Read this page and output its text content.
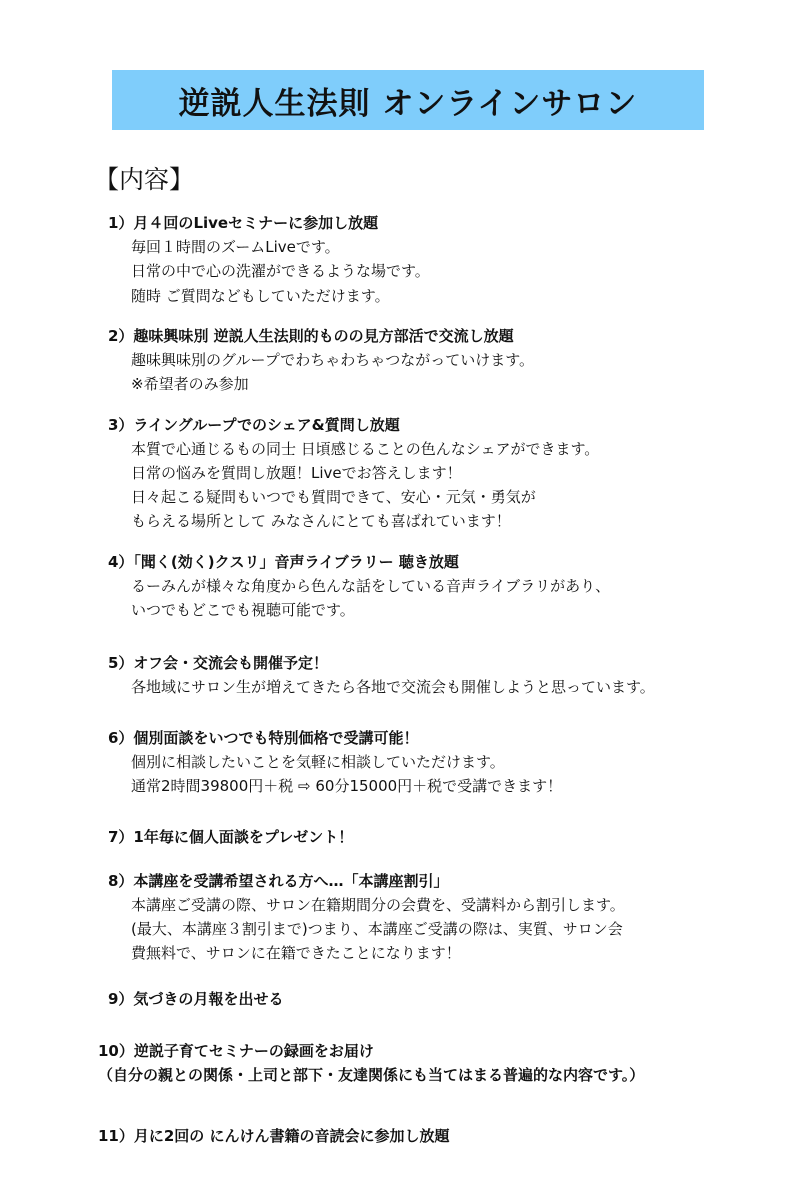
逆説人生法則 オンラインサロン
【内容】
1）月４回のLiveセミナーに参加し放題
毎回１時間のズームLiveです。
日常の中で心の洗濯ができるような場です。
随時 ご質問などもしていただけます。
2）趣味興味別 逆説人生法則的ものの見方部活で交流し放題
趣味興味別のグループでわちゃわちゃつながっていけます。
※希望者のみ参加
3）ライングループでのシェア&質問し放題
本質で心通じるもの同士 日頃感じることの色んなシェアができます。
日常の悩みを質問し放題！Liveでお答えします！
日々起こる疑問もいつでも質問できて、安心・元気・勇気が
もらえる場所として みなさんにとても喜ばれています！
4）「聞く(効く)クスリ」音声ライブラリー 聴き放題
るーみんが様々な角度から色んな話をしている音声ライブラリがあり、
いつでもどこでも視聴可能です。
5）オフ会・交流会も開催予定！
各地域にサロン生が増えてきたら各地で交流会も開催しようと思っています。
6）個別面談をいつでも特別価格で受講可能！
個別に相談したいことを気軽に相談していただけます。
通常2時間39800円＋税 ⇨ 60分15000円＋税で受講できます！
7）1年毎に個人面談をプレゼント！
8）本講座を受講希望される方へ…「本講座割引」
本講座ご受講の際、サロン在籍期間分の会費を、受講料から割引します。
(最大、本講座３割引まで)つまり、本講座ご受講の際は、実質、サロン会
費無料で、サロンに在籍できたことになります！
9）気づきの月報を出せる
10）逆説子育てセミナーの録画をお届け
（自分の親との関係・上司と部下・友達関係にも当てはまる普遍的な内容です。）
11）月に2回の にんけん書籍の音読会に参加し放題
